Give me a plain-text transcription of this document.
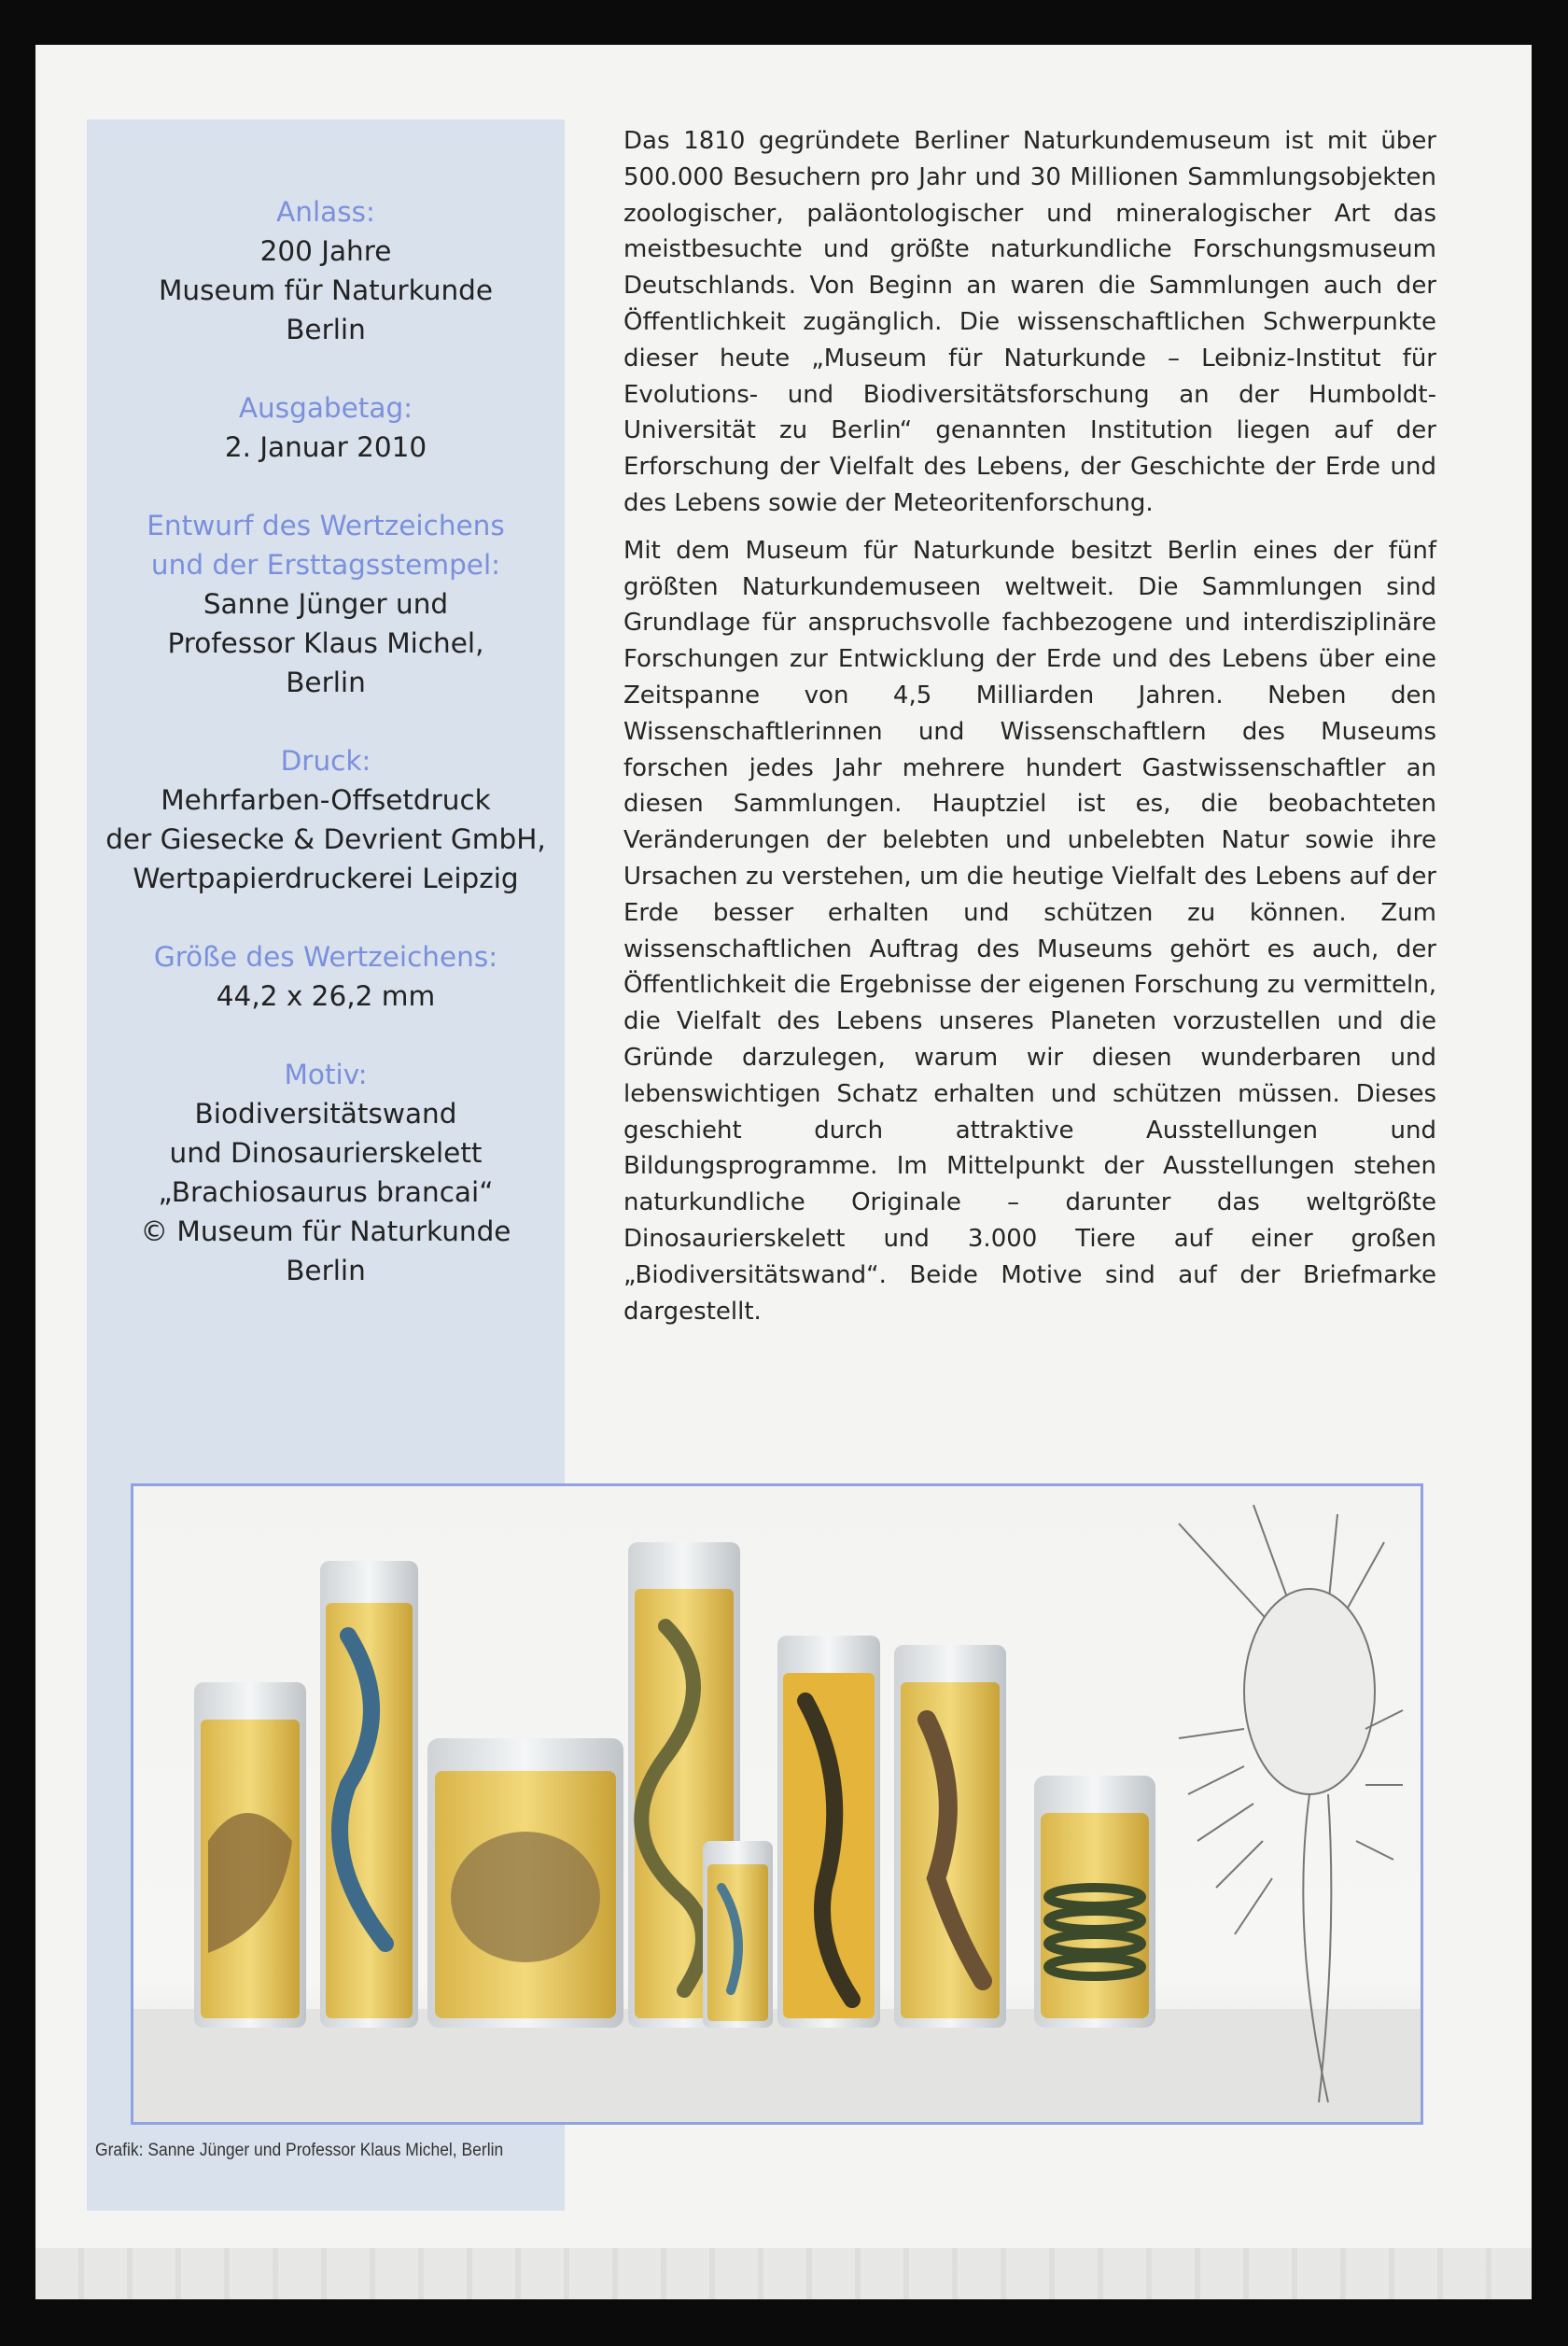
Anlass:
200 Jahre
Museum für Naturkunde
Berlin
Ausgabetag:
2. Januar 2010
Entwurf des Wertzeichens
und der Ersttagsstempel:
Sanne Jünger und
Professor Klaus Michel,
Berlin
Druck:
Mehrfarben-Offsetdruck
der Giesecke & Devrient GmbH,
Wertpapierdruckerei Leipzig
Größe des Wertzeichens:
44,2 x 26,2 mm
Motiv:
Biodiversitätswand
und Dinosaurierskelett
„Brachiosaurus brancai“
© Museum für Naturkunde
Berlin

Das 1810 gegründete Berliner Naturkundemuseum ist mit über 500.000 Besuchern pro Jahr und 30 Millionen Sammlungsobjekten zoologischer, paläontologischer und mineralogischer Art das meistbesuchte und größte naturkundliche Forschungsmuseum Deutschlands. Von Beginn an waren die Sammlungen auch der Öffentlichkeit zugänglich. Die wissenschaftlichen Schwerpunkte dieser heute „Museum für Naturkunde – Leibniz-Institut für Evolutions- und Biodiversitätsforschung an der Humboldt-Universität zu Berlin“ genannten Institution liegen auf der Erforschung der Vielfalt des Lebens, der Geschichte der Erde und des Lebens sowie der Meteoritenforschung.

Mit dem Museum für Naturkunde besitzt Berlin eines der fünf größten Naturkundemuseen weltweit. Die Sammlungen sind Grundlage für anspruchsvolle fachbezogene und interdisziplinäre Forschungen zur Entwicklung der Erde und des Lebens über eine Zeitspanne von 4,5 Milliarden Jahren. Neben den Wissenschaftlerinnen und Wissenschaftlern des Museums forschen jedes Jahr mehrere hundert Gastwissenschaftler an diesen Sammlungen. Hauptziel ist es, die beobachteten Veränderungen der belebten und unbelebten Natur sowie ihre Ursachen zu verstehen, um die heutige Vielfalt des Lebens auf der Erde besser erhalten und schützen zu können. Zum wissenschaftlichen Auftrag des Museums gehört es auch, der Öffentlichkeit die Ergebnisse der eigenen Forschung zu vermitteln, die Vielfalt des Lebens unseres Planeten vorzustellen und die Gründe darzulegen, warum wir diesen wunderbaren und lebenswichtigen Schatz erhalten und schützen müssen. Dieses geschieht durch attraktive Ausstellungen und Bildungsprogramme. Im Mittelpunkt der Ausstellungen stehen naturkundliche Originale – darunter das weltgrößte Dinosaurierskelett und 3.000 Tiere auf einer großen „Biodiversitätswand“. Beide Motive sind auf der Briefmarke dargestellt.

Grafik: Sanne Jünger und Professor Klaus Michel, Berlin
